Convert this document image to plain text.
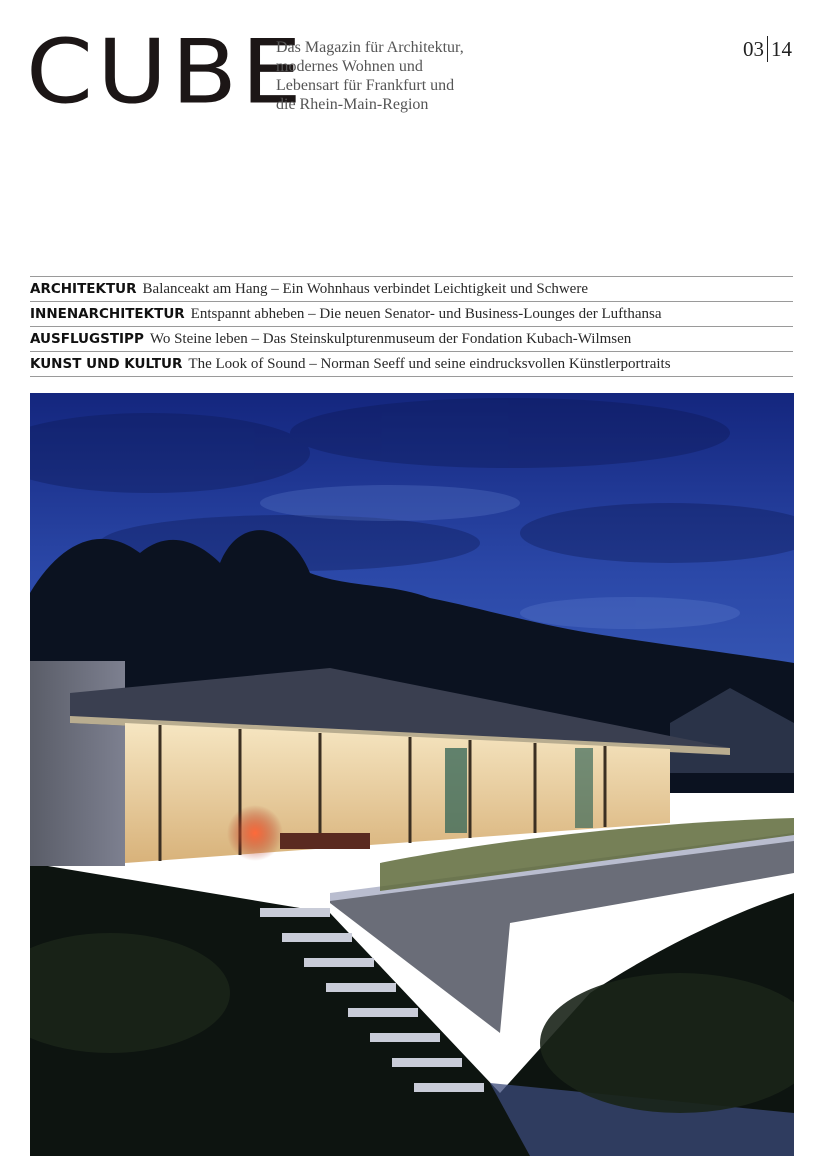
CUBE
Das Magazin für Architektur,
modernes Wohnen und
Lebensart für Frankfurt und
die Rhein-Main-Region
03 14
ARCHITEKTUR Balanceakt am Hang – Ein Wohnhaus verbindet Leichtigkeit und Schwere
INNENARCHITEKTUR Entspannt abheben – Die neuen Senator- und Business-Lounges der Lufthansa
AUSFLUGSTIPP Wo Steine leben – Das Steinskulpturenmuseum der Fondation Kubach-Wilmsen
KUNST UND KULTUR The Look of Sound – Norman Seeff und seine eindrucksvollen Künstlerportraits
